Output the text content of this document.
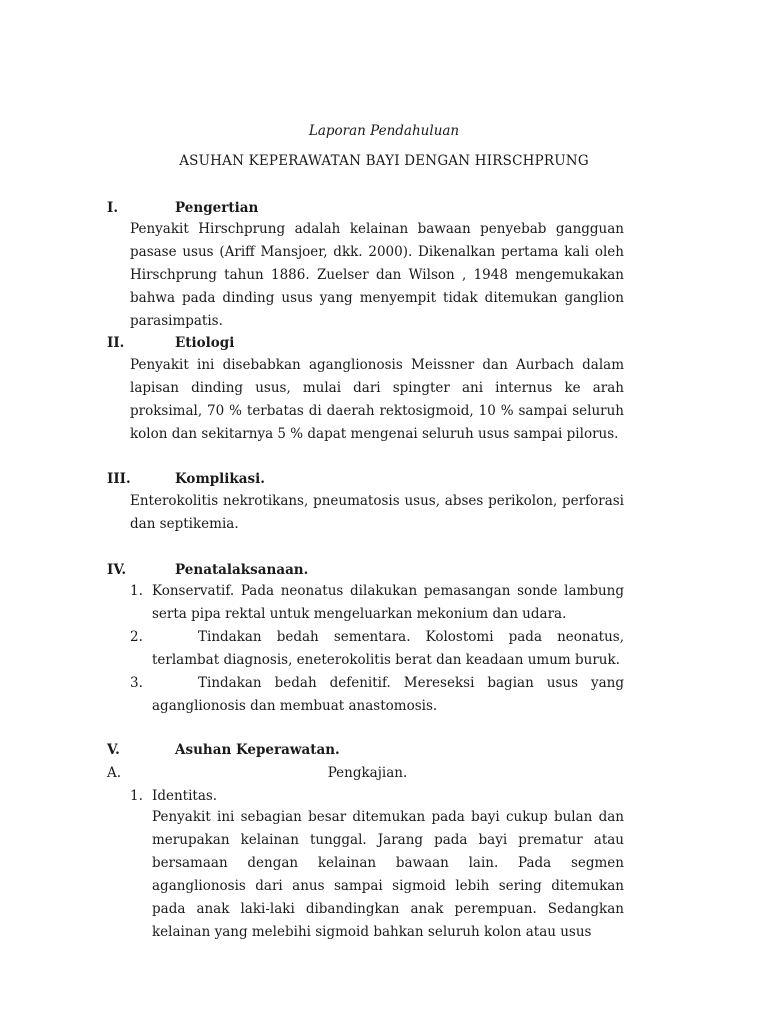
Laporan Pendahuluan
ASUHAN KEPERAWATAN BAYI DENGAN HIRSCHPRUNG
I.	Pengertian

Penyakit Hirschprung adalah kelainan bawaan penyebab gangguan pasase usus (Ariff Mansjoer, dkk. 2000). Dikenalkan pertama kali oleh Hirschprung tahun 1886. Zuelser dan Wilson , 1948 mengemukakan bahwa pada dinding usus yang menyempit tidak ditemukan ganglion parasimpatis.

II.	Etiologi

Penyakit ini disebabkan aganglionosis Meissner dan Aurbach dalam lapisan dinding usus, mulai dari spingter ani internus ke arah proksimal, 70 % terbatas di daerah rektosigmoid, 10 % sampai seluruh kolon dan sekitarnya 5 % dapat mengenai seluruh usus sampai pilorus.

III.	Komplikasi.

Enterokolitis nekrotikans, pneumatosis usus, abses perikolon, perforasi dan septikemia.

IV.	Penatalaksanaan.
1. Konservatif. Pada neonatus dilakukan pemasangan sonde lambung serta pipa rektal untuk mengeluarkan mekonium dan udara.

2.	Tindakan bedah sementara. Kolostomi pada neonatus, terlambat diagnosis, eneterokolitis berat dan keadaan umum buruk.

3.	Tindakan bedah defenitif. Mereseksi bagian usus yang aganglionosis dan membuat anastomosis.

V.	Asuhan Keperawatan.
A.	Pengkajian.
1. Identitas.

Penyakit ini sebagian besar ditemukan pada bayi cukup bulan dan merupakan kelainan tunggal. Jarang pada bayi prematur atau bersamaan dengan kelainan bawaan lain. Pada segmen aganglionosis dari anus sampai sigmoid lebih sering ditemukan pada anak laki-laki dibandingkan anak perempuan. Sedangkan kelainan yang melebihi sigmoid bahkan seluruh kolon atau usus
